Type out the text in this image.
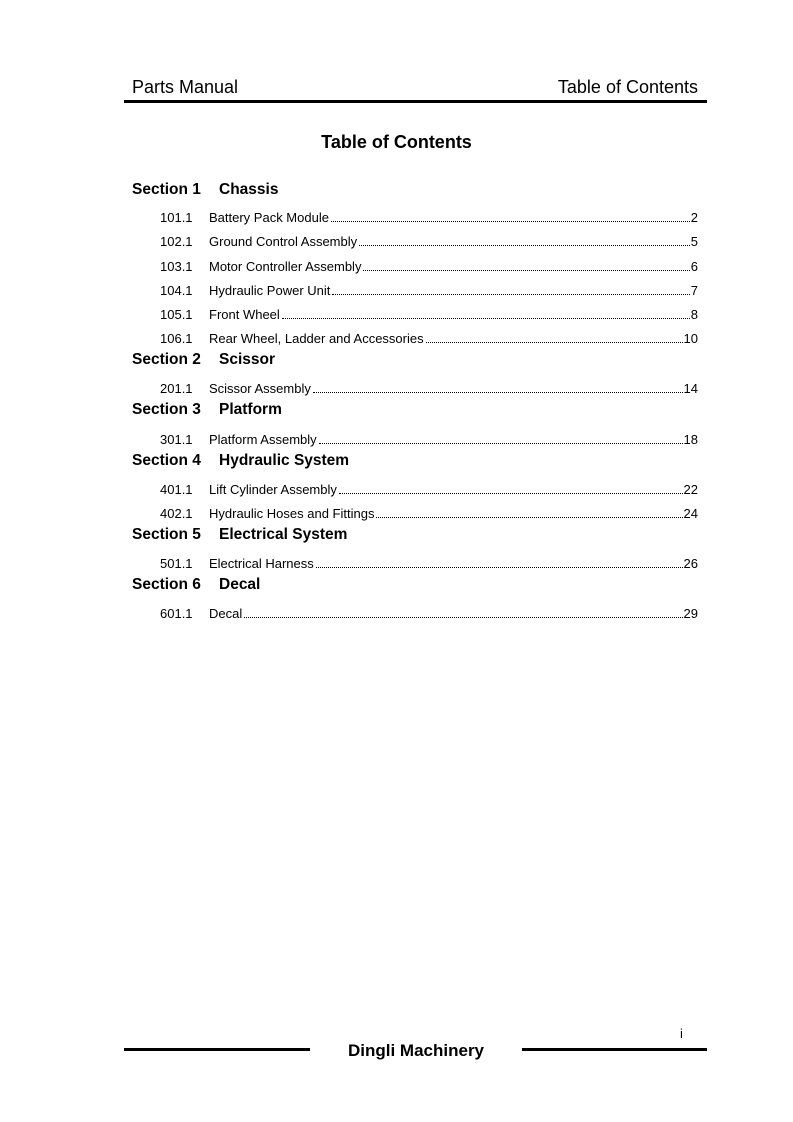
Parts Manual	Table of Contents
Table of Contents
Section 1	Chassis
101.1	Battery Pack Module	2
102.1	Ground Control Assembly	5
103.1	Motor Controller Assembly	6
104.1	Hydraulic Power Unit	7
105.1	Front Wheel	8
106.1	Rear Wheel, Ladder and Accessories	10
Section 2	Scissor
201.1	Scissor Assembly	14
Section 3	Platform
301.1	Platform Assembly	18
Section 4	Hydraulic System
401.1	Lift Cylinder Assembly	22
402.1	Hydraulic Hoses and Fittings	24
Section 5	Electrical System
501.1	Electrical Harness	26
Section 6	Decal
601.1	Decal	29
i
Dingli Machinery
